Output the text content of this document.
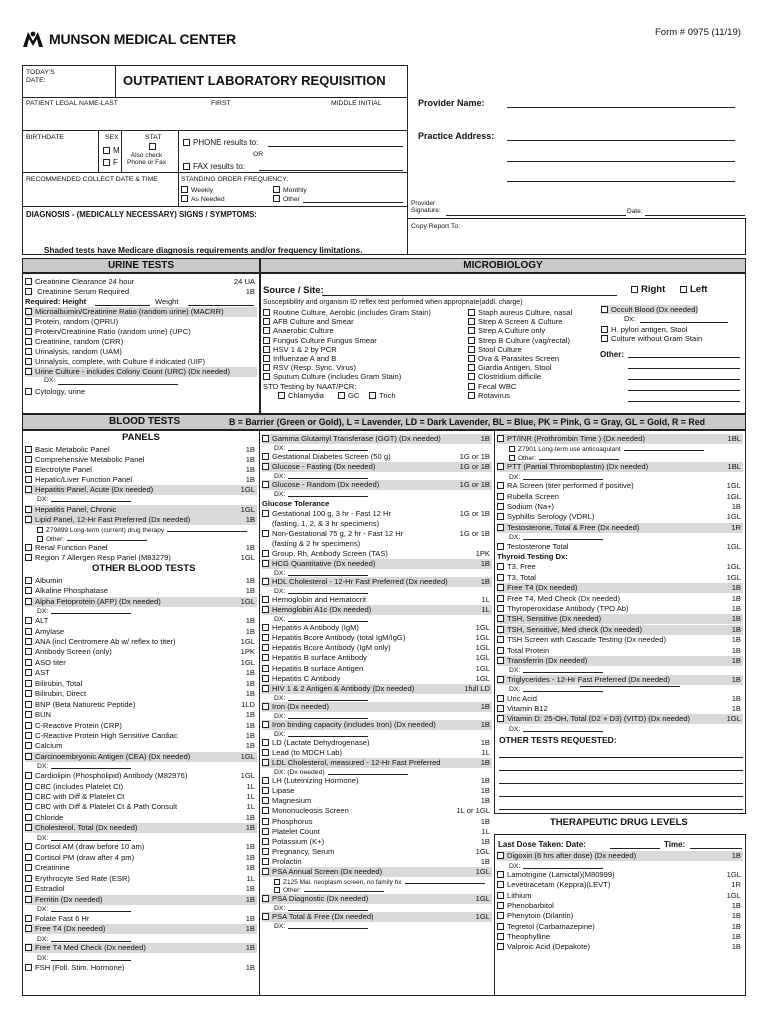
Form # 0975 (11/19)
MUNSON MEDICAL CENTER
TODAY'S
DATE:	OUTPATIENT LABORATORY REQUISITION
PATIENT LEGAL NAME-LAST	FIRST	MIDDLE INITIAL
BIRTHDATE	SEX
M
F
STAT
Also check
Phone or Fax
PHONE results to:
OR
FAX results to:
RECOMMENDED COLLECT DATE & TIME	STANDING ORDER FREQUENCY:
Weekly	Monthly
As Needed	Other
DIAGNOSIS - (MEDICALLY NECESSARY) SIGNS / SYMPTOMS:
Shaded tests have Medicare diagnosis requirements and/or frequency limitations.
Provider Name:
Practice Address:
Provider
Signature:	Date:
Copy Report To:
URINE TESTS	MICROBIOLOGY
Creatinine Clearance 24 hour	24 UA
Creatinine Serum Required	1B
Required: Height	Weight
Microalbumin/Creatinine Ratio (random urine) (MACRR)
Protein, random (QPRU)
Protein/Creatinine Ratio (random urine) (UPC)
Creatinine, random (CRR)
Urinalysis, random (UAM)
Urinalysis, complete, with Culture if indicated (UIF)
Urine Culture - includes Colony Count (URC) (Dx needed)
DX:
Cytology, urine
Source / Site:	Right	Left
Susceptibility and organism ID reflex test performed when appropriate(addl. charge)
Routine Culture, Aerobic (includes Gram Stain)
AFB Culture and Smear
Anaerobic Culture
Fungus Culture Fungus Smear
HSV 1 & 2 by PCR
Influenzae A and B
RSV (Resp. Sync. Virus)
Sputum Culture (includes Gram Stain)
STD Testing by NAAT/PCR:
Chlamydia	GC	Trich
Staph aureus Culture, nasal
Strep A Screen & Culture
Strep A Culture only
Strep B Culture (vag/rectal)
Stool Culture
Ova & Parasites Screen
Giardia Antigen, Stool
Clostridium difficile
Fecal WBC
Rotavirus
Occult Blood (Dx needed)
Dx:
H. pylori antigen, Stool
Culture without Gram Stain
Other:
BLOOD TESTS	B = Barrier (Green or Gold), L = Lavender, LD = Dark Lavender, BL = Blue, PK = Pink, G = Gray, GL = Gold, R = Red
PANELS
Basic Metabolic Panel	1B
Comprehensive Metabolic Panel	1B
Electrolyte Panel	1B
Hepatic/Liver Function Panel	1B
Hepatitis Panel, Acute (Dx needed)	1GL
DX:
Hepatitis Panel, Chronic	1GL
Lipid Panel, 12-Hr Fast Preferred (Dx needed)	1B
Z79899 Long-term (current) drug therapy
Other:
Renal Function Panel	1B
Region 7 Allergen Resp Panel (M83279)	1GL
OTHER BLOOD TESTS
Albumin	1B
Alkaline Phosphatase	1B
Alpha Fetoprotein (AFP) (Dx needed)	1GL
DX:
ALT	1B
Amylase	1B
ANA (incl Centromere Ab w/ reflex to titer)	1GL
Antibody Screen (only)	1PK
ASO titer	1GL
AST	1B
Bilirubin, Total	1B
Bilirubin, Direct	1B
BNP (Beta Natiuretic Peptide)	1LD
BUN	1B
C-Reactive Protein (CRP)	1B
C-Reactive Protein High Sensitive Cardiac	1B
Calcium	1B
Carcinoembryonic Antigen (CEA) (Dx needed)	1GL
DX:
Cardiolipin (Phospholipid) Antibody (M82976)	1GL
CBC (includes Platelet Ct)	1L
CBC with Diff & Platelet Ct	1L
CBC with Diff & Platelet Ct & Path Consult	1L
Chloride	1B
Cholesterol, Total (Dx needed)	1B
DX:
Cortisol AM (draw before 10 am)	1B
Cortisol PM (draw after 4 pm)	1B
Creatinine	1B
Erythrocyte Sed Rate (ESR)	1L
Estradiol	1B
Ferritin (Dx needed)	1B
DX:
Folate Fast 6 Hr	1B
Free T4 (Dx needed)	1B
DX:
Free T4 Med Check (Dx needed)	1B
DX:
FSH (Foll. Stim. Hormone)	1B
Gamma Glutamyl Transferase (GGT) (Dx needed)	1B
DX:
Gestational Diabetes Screen (50 g)	1G or 1B
Glucose - Fasting (Dx needed)	1G or 1B
DX:
Glucose - Random (Dx needed)	1G or 1B
DX:
Glucose Tolerance
Gestational 100 g, 3 hr - Fast 12 Hr	1G or 1B
(fasting, 1, 2, & 3 hr specimens)
Non-Gestational 75 g, 2 hr - Fast 12 Hr	1G or 1B
(fasting & 2 hr specimens)
Group, Rh, Antibody Screen (TAS)	1PK
HCG Quantitative (Dx needed)	1B
DX:
HDL Cholesterol - 12-Hr Fast Preferred (Dx needed)	1B
DX:
Hemoglobin and Hematocrit	1L
Hemoglobin A1c (Dx needed)	1L
DX:
Hepatitis A Antibody (IgM)	1GL
Hepatitis Bcore Antibody (total IgM/IgG)	1GL
Hepatitis Bcore Antibody (IgM only)	1GL
Hepatitis B surface Antibody	1GL
Hepatitis B surface Antigen	1GL
Hepatitis C Antibody	1GL
HIV 1 & 2 Antigen & Antibody (Dx needed)	1full LD
DX:
Iron (Dx needed)	1B
DX:
Iron binding capacity (includes Iron) (Dx needed)	1B
DX:
LD (Lactate Dehydrogenase)	1B
Lead (to MDCH Lab)	1L
LDL Cholesterol, measured - 12-Hr Fast Preferred	1B
DX: (Dx needed)
LH (Luteinizing Hormone)	1B
Lipase	1B
Magnesium	1B
Mononucleosis Screen	1L or 1GL
Phosphorus	1B
Platelet Count	1L
Potassium (K+)	1B
Pregnancy, Serum	1GL
Prolactin	1B
PSA Annual Screen (Dx needed)	1GL
Z125 Mal. neoplasm screen, no family hx
Other:
PSA Diagnostic (Dx needed)	1GL
DX:
PSA Total & Free (Dx needed)	1GL
DX:
PT/INR (Prothrombin Time ) (Dx needed)	1BL
Z7901 Long-term use anticoagulant
Other:
PTT (Partial Thromboplastin) (Dx needed)	1BL
DX:
RA Screen (titer performed if positive)	1GL
Rubella Screen	1GL
Sodium (Na+)	1B
Syphillis Serology (VDRL)	1GL
Testosterone, Total & Free (Dx needed)	1R
DX:
Testosterone Total	1GL
Thyroid Testing Dx:
T3, Free	1GL
T3, Total	1GL
Free T4 (Dx needed)	1B
Free T4, Med Check (Dx needed)	1B
Thyroperoxidase Antibody (TPO Ab)	1B
TSH, Sensitive (Dx needed)	1B
TSH, Sensitive, Med check (Dx needed)	1B
TSH Screen with Cascade Testing (Dx needed)	1B
Total Protein	1B
Transferrin (Dx needed)	1B
DX:
Triglycerides - 12-Hr Fast Preferred (Dx needed)	1B
DX:
Uric Acid	1B
Vitamin B12	1B
Vitamin D: 25-OH, Total (D2 + D3) (VITD) (Dx needed)	1GL
DX:
OTHER TESTS REQUESTED:
THERAPEUTIC DRUG LEVELS
Last Dose Taken: Date:	Time:
Digoxin (6 hrs after dose) (Dx needed)	1B
DX:
Lamotrigine (Lamictal)(M80999)	1GL
Levetiracetam (Keppra)(LEVT)	1R
Lithium	1GL
Phenobarbitol	1B
Phenytoin (Dilantin)	1B
Tegretol (Carbamazepine)	1B
Theophylline	1B
Valproic Acid (Depakote)	1B
